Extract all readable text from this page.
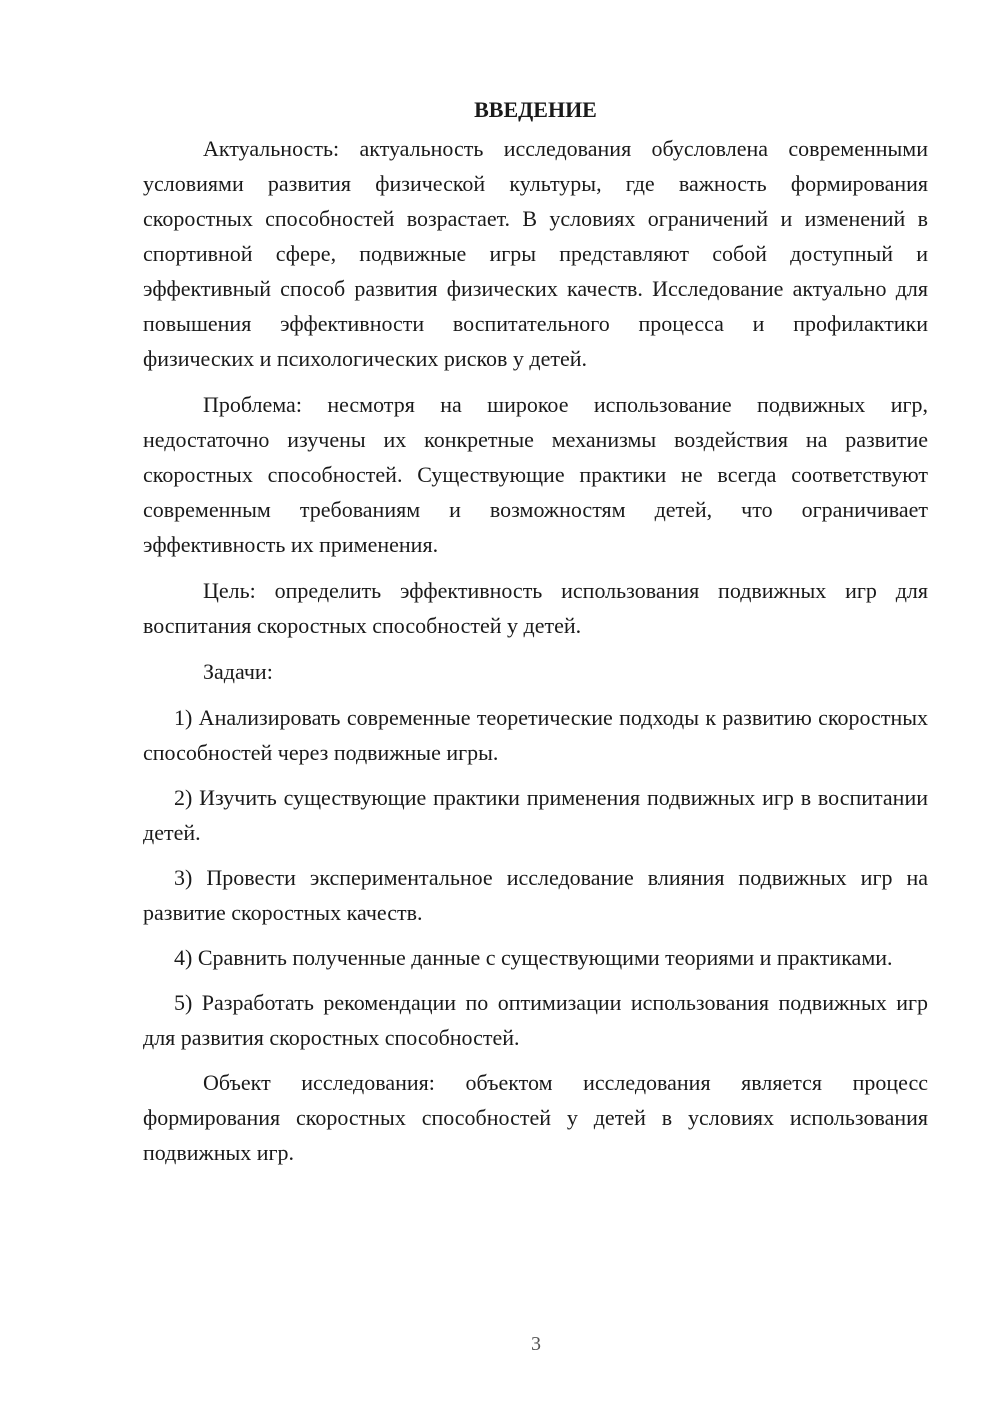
ВВЕДЕНИЕ

Актуальность: актуальность исследования обусловлена современными условиями развития физической культуры, где важность формирования скоростных способностей возрастает. В условиях ограничений и изменений в спортивной сфере, подвижные игры представляют собой доступный и эффективный способ развития физических качеств. Исследование актуально для повышения эффективности воспитательного процесса и профилактики физических и психологических рисков у детей.

Проблема: несмотря на широкое использование подвижных игр, недостаточно изучены их конкретные механизмы воздействия на развитие скоростных способностей. Существующие практики не всегда соответствуют современным требованиям и возможностям детей, что ограничивает эффективность их применения.

Цель: определить эффективность использования подвижных игр для воспитания скоростных способностей у детей.

Задачи:

1) Анализировать современные теоретические подходы к развитию скоростных способностей через подвижные игры.

2) Изучить существующие практики применения подвижных игр в воспитании детей.

3) Провести экспериментальное исследование влияния подвижных игр на развитие скоростных качеств.

4) Сравнить полученные данные с существующими теориями и практиками.

5) Разработать рекомендации по оптимизации использования подвижных игр для развития скоростных способностей.

Объект исследования: объектом исследования является процесс формирования скоростных способностей у детей в условиях использования подвижных игр.

3
